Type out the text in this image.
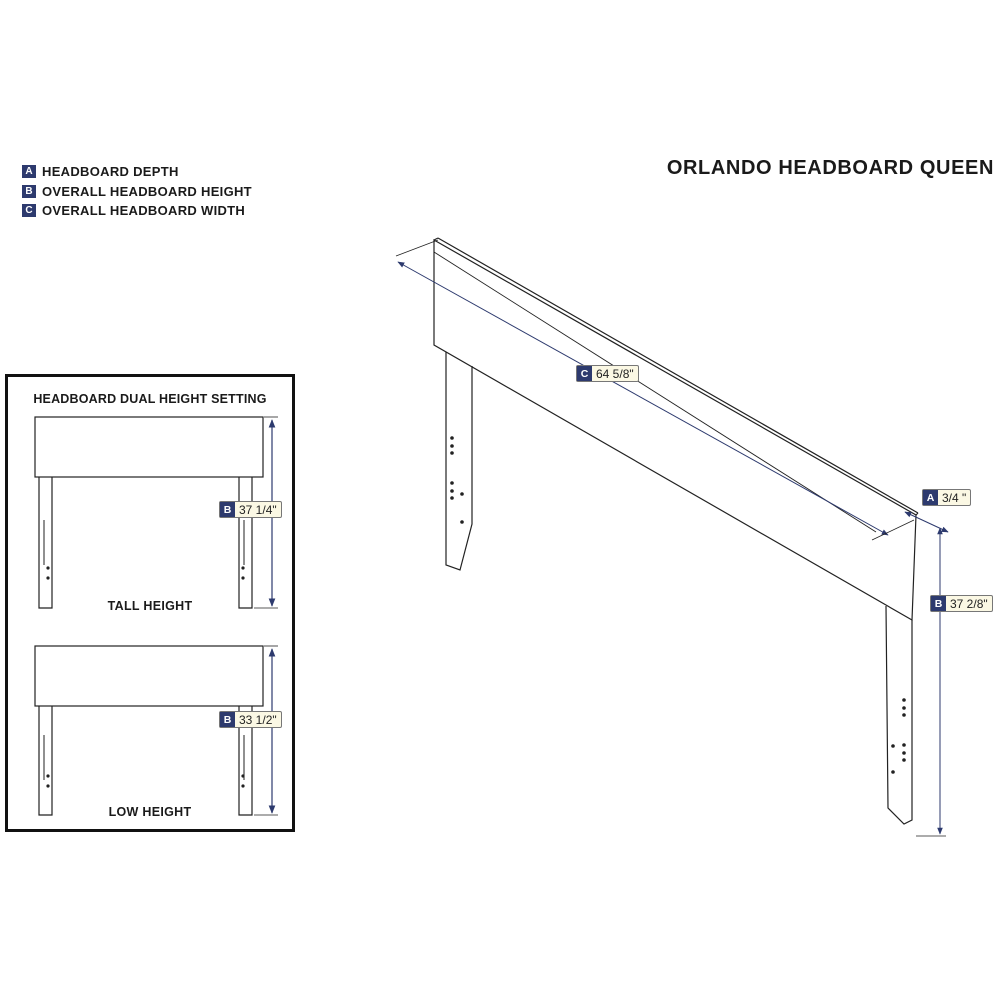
A HEADBOARD DEPTH
B OVERALL HEADBOARD HEIGHT
C OVERALL HEADBOARD WIDTH
ORLANDO HEADBOARD QUEEN
HEADBOARD DUAL HEIGHT SETTING
TALL HEIGHT
LOW HEIGHT
B 37 1/4"
B 33 1/2"
C 64 5/8"
A 3/4 "
B 37 2/8"
